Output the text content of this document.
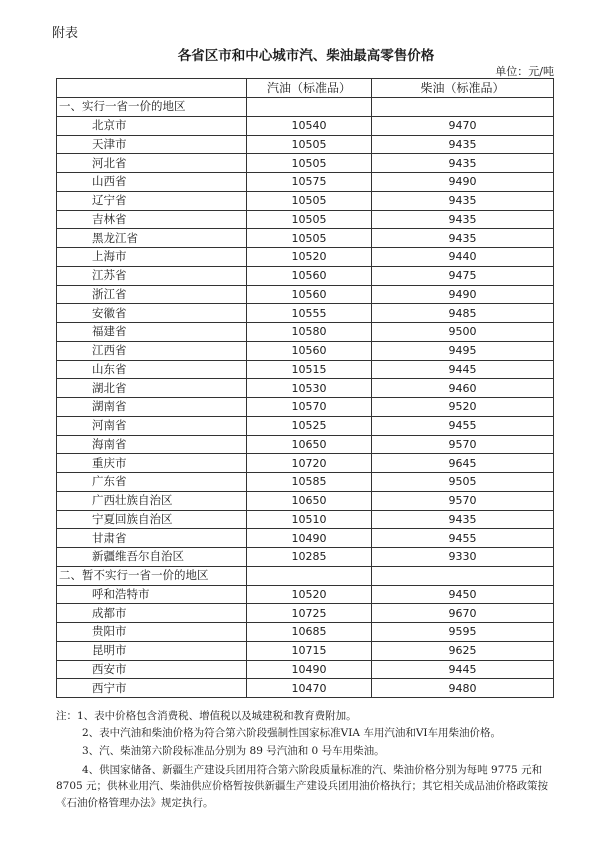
附表
各省区市和中心城市汽、柴油最高零售价格
单位：元/吨
	汽油（标准品）	柴油（标准品）
一、实行一省一价的地区		
北京市	10540	9470
天津市	10505	9435
河北省	10505	9435
山西省	10575	9490
辽宁省	10505	9435
吉林省	10505	9435
黑龙江省	10505	9435
上海市	10520	9440
江苏省	10560	9475
浙江省	10560	9490
安徽省	10555	9485
福建省	10580	9500
江西省	10560	9495
山东省	10515	9445
湖北省	10530	9460
湖南省	10570	9520
河南省	10525	9455
海南省	10650	9570
重庆市	10720	9645
广东省	10585	9505
广西壮族自治区	10650	9570
宁夏回族自治区	10510	9435
甘肃省	10490	9455
新疆维吾尔自治区	10285	9330
二、暂不实行一省一价的地区		
呼和浩特市	10520	9450
成都市	10725	9670
贵阳市	10685	9595
昆明市	10715	9625
西安市	10490	9445
西宁市	10470	9480

注：1、表中价格包含消费税、增值税以及城建税和教育费附加。

2、表中汽油和柴油价格为符合第六阶段强制性国家标准VIA 车用汽油和VI车用柴油价格。

3、汽、柴油第六阶段标准品分别为 89 号汽油和 0 号车用柴油。

4、供国家储备、新疆生产建设兵团用符合第六阶段质量标准的汽、柴油价格分别为每吨 9775 元和 8705 元；供林业用汽、柴油供应价格暂按供新疆生产建设兵团用油价格执行；其它相关成品油价格政策按《石油价格管理办法》规定执行。
